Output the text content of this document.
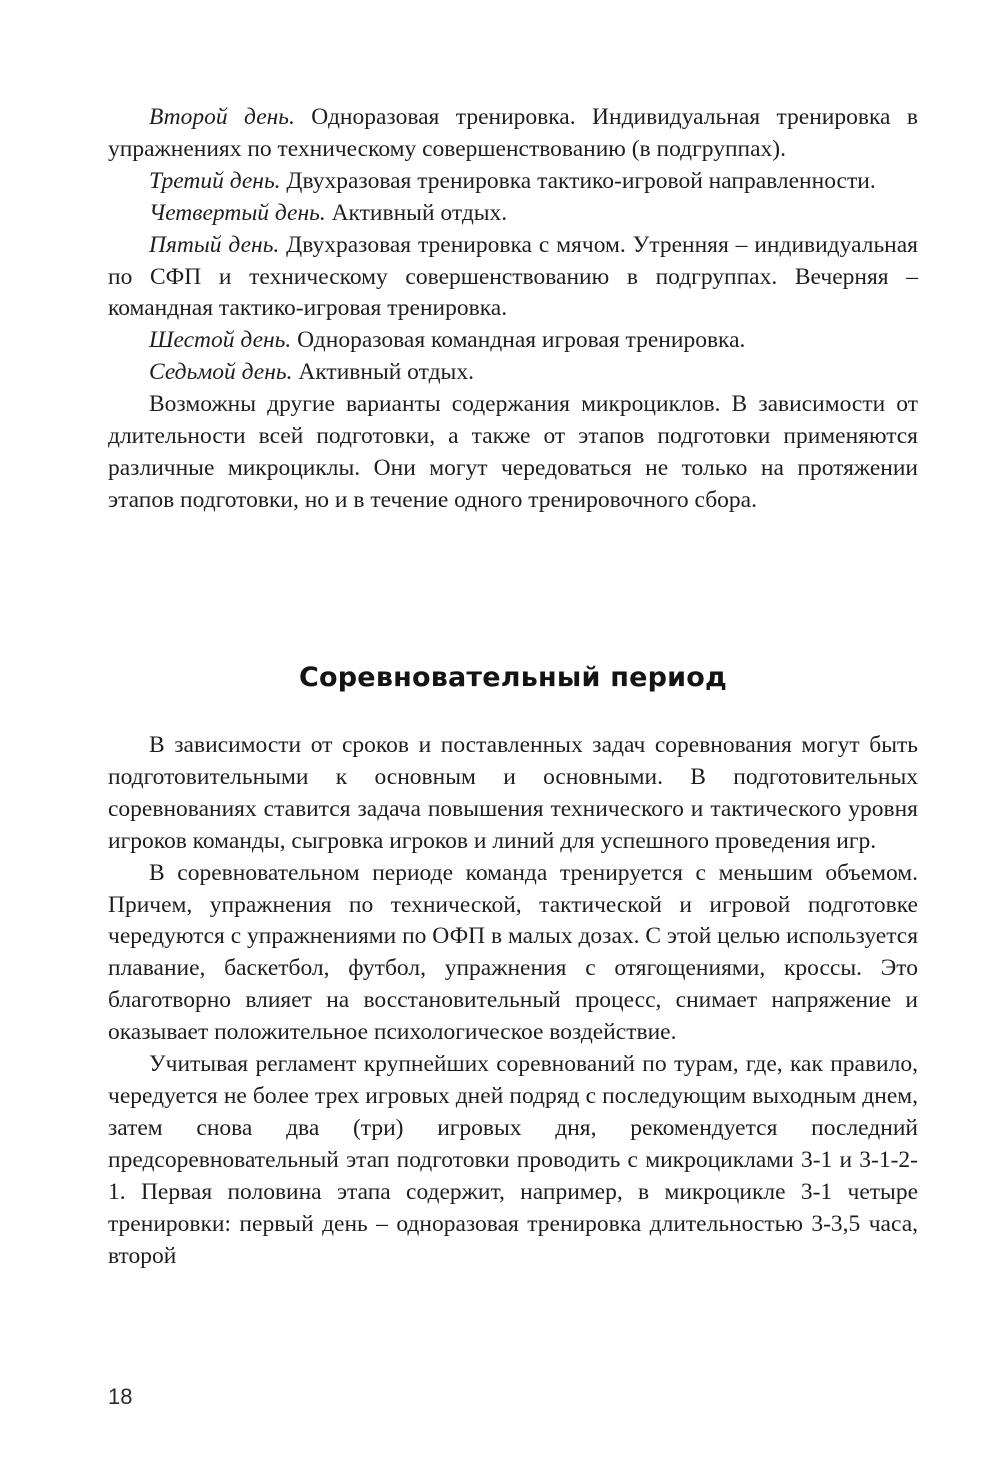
Второй день. Одноразовая тренировка. Индивидуальная тренировка в упражнениях по техническому совершенствованию (в подгруппах).

Третий день. Двухразовая тренировка тактико-игровой направленности.

Четвертый день. Активный отдых.

Пятый день. Двухразовая тренировка с мячом. Утренняя – индивидуальная по СФП и техническому совершенствованию в подгруппах. Вечерняя – командная тактико-игровая тренировка.

Шестой день. Одноразовая командная игровая тренировка.

Седьмой день. Активный отдых.

Возможны другие варианты содержания микроциклов. В зависимости от длительности всей подготовки, а также от этапов подготовки применяются различные микроциклы. Они могут чередоваться не только на протяжении этапов подготовки, но и в течение одного тренировочного сбора.

Соревновательный период

В зависимости от сроков и поставленных задач соревнования могут быть подготовительными к основным и основными. В подготовительных соревнованиях ставится задача повышения технического и тактического уровня игроков команды, сыгровка игроков и линий для успешного проведения игр.

В соревновательном периоде команда тренируется с меньшим объемом. Причем, упражнения по технической, тактической и игровой подготовке чередуются с упражнениями по ОФП в малых дозах. С этой целью используется плавание, баскетбол, футбол, упражнения с отягощениями, кроссы. Это благотворно влияет на восстановительный процесс, снимает напряжение и оказывает положительное психологическое воздействие.

Учитывая регламент крупнейших соревнований по турам, где, как правило, чередуется не более трех игровых дней подряд с последующим выходным днем, затем снова два (три) игровых дня, рекомендуется последний предсоревновательный этап подготовки проводить с микроциклами 3-1 и 3-1-2-1. Первая половина этапа содержит, например, в микроцикле 3-1 четыре тренировки: первый день – одноразовая тренировка длительностью 3-3,5 часа, второй

18
